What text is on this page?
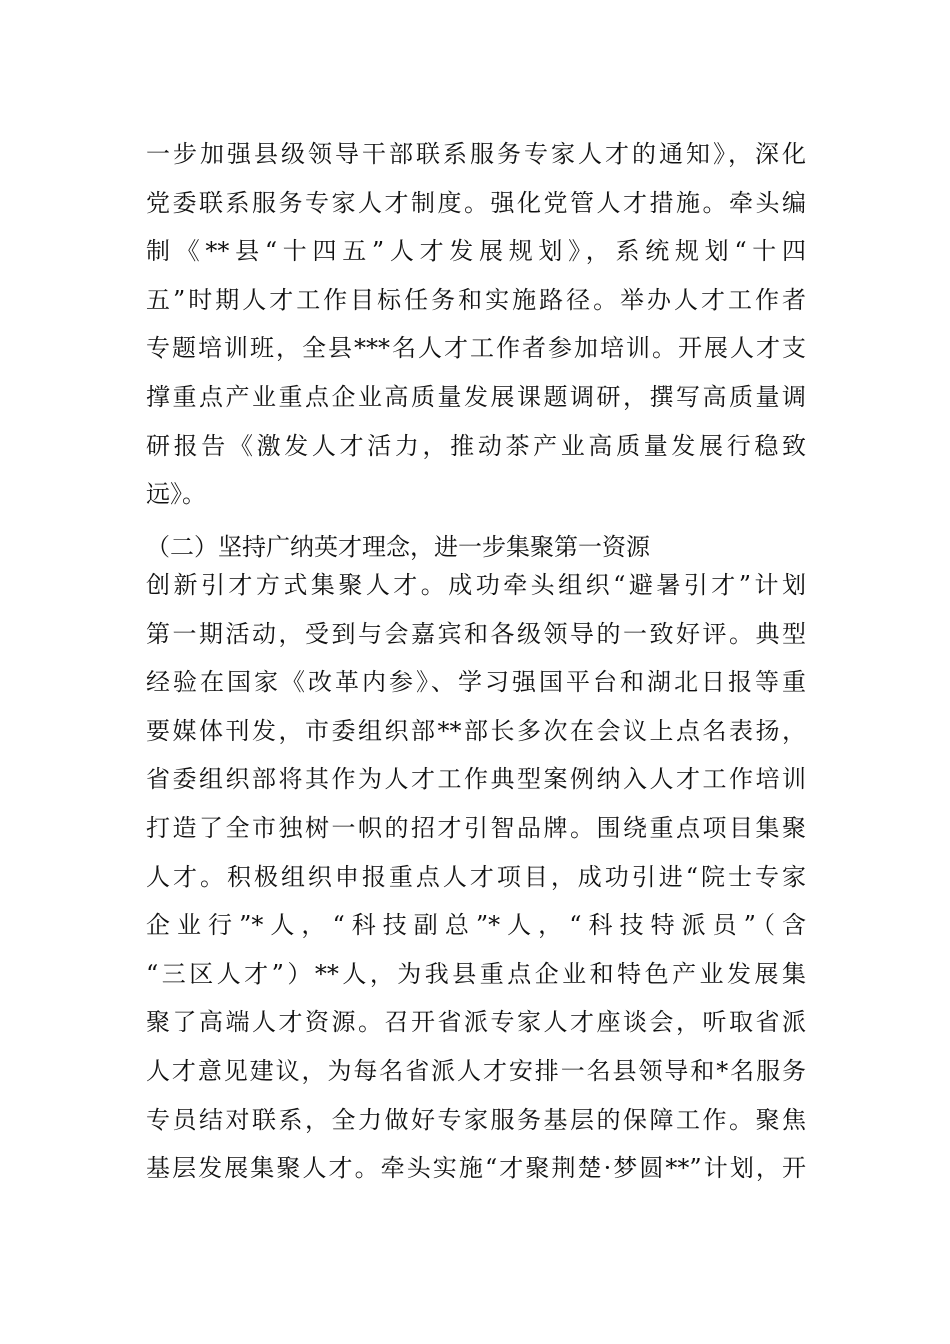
一步加强县级领导干部联系服务专家人才的通知》，深化
党委联系服务专家人才制度。强化党管人才措施。牵头编
制《**县“十四五”人才发展规划》，系统规划“十四
五”时期人才工作目标任务和实施路径。举办人才工作者
专题培训班，全县***名人才工作者参加培训。开展人才支
撑重点产业重点企业高质量发展课题调研，撰写高质量调
研报告《激发人才活力，推动茶产业高质量发展行稳致
远》。
（二）坚持广纳英才理念，进一步集聚第一资源
创新引才方式集聚人才。成功牵头组织“避暑引才”计划
第一期活动，受到与会嘉宾和各级领导的一致好评。典型
经验在国家《改革内参》、学习强国平台和湖北日报等重
要媒体刊发，市委组织部**部长多次在会议上点名表扬，
省委组织部将其作为人才工作典型案例纳入人才工作培训
打造了全市独树一帜的招才引智品牌。围绕重点项目集聚
人才。积极组织申报重点人才项目，成功引进“院士专家
企业行”*人，“科技副总”*人，“科技特派员”（含
“三区人才”）**人，为我县重点企业和特色产业发展集
聚了高端人才资源。召开省派专家人才座谈会，听取省派
人才意见建议，为每名省派人才安排一名县领导和*名服务
专员结对联系，全力做好专家服务基层的保障工作。聚焦
基层发展集聚人才。牵头实施“才聚荆楚·梦圆**”计划，开
